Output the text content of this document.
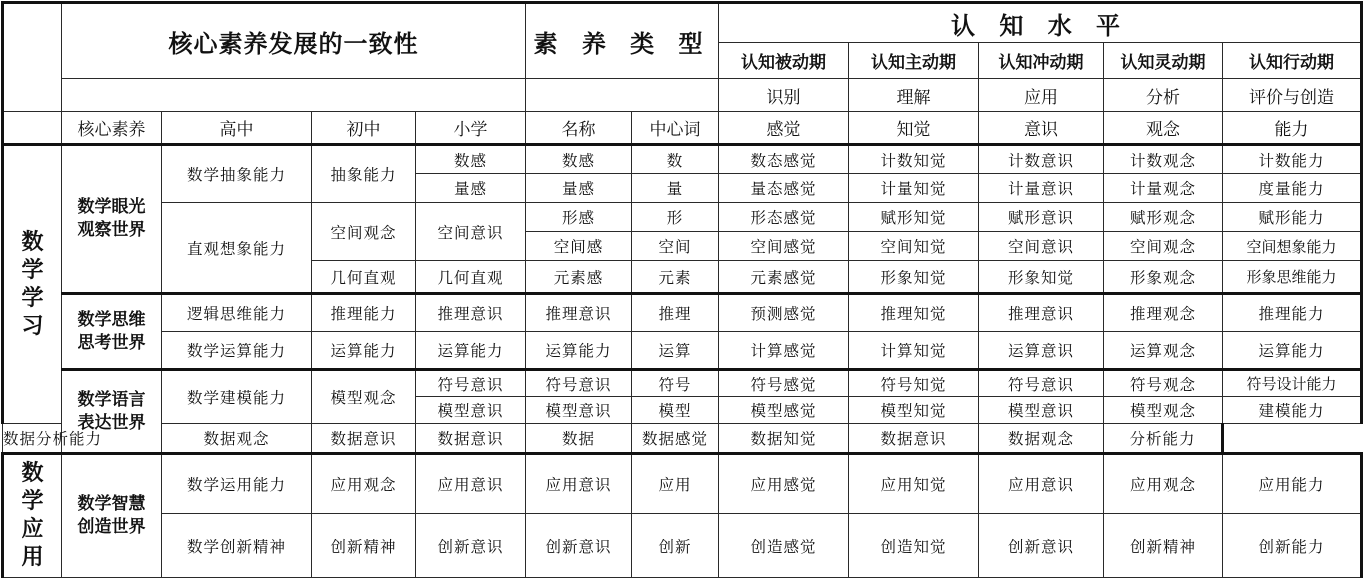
	核心素养发展的一致性				素 养 类 型		认 知 水 平				
							认知被动期	认知主动期	认知冲动期	认知灵动期	认知行动期
							识别	理解	应用	分析	评价与创造
	核心素养	高中	初中	小学	名称	中心词	感觉	知觉	意识	观念	能力

数
学
学
习	数学眼光
观察世界	数学抽象能力	抽象能力	数感	数感	数	数态感觉	计数知觉	计数意识	计数观念	计数能力
				量感	量感	量	量态感觉	计量知觉	计量意识	计量观念	度量能力
		直观想象能力	空间观念	空间意识	形感	形	形态感觉	赋形知觉	赋形意识	赋形观念	赋形能力
					空间感	空间	空间感觉	空间知觉	空间意识	空间观念	空间想象能力
			几何直观	几何直观	元素感	元素	元素感觉	形象知觉	形象知觉	形象观念	形象思维能力

	数学思维
思考世界	逻辑思维能力	推理能力	推理意识	推理意识	推理	预测感觉	推理知觉	推理意识	推理观念	推理能力
		数学运算能力	运算能力	运算能力	运算能力	运算	计算感觉	计算知觉	运算意识	运算观念	运算能力

	数学语言
表达世界	数学建模能力	模型观念	符号意识	符号意识	符号	符号感觉	符号知觉	符号意识	符号观念	符号设计能力
				模型意识	模型意识	模型	模型感觉	模型知觉	模型意识	模型观念	建模能力
数据分析能力		数据观念	数据意识	数据意识	数据	数据感觉	数据知觉	数据意识	数据观念	分析能力	

数
学
应
用	数学智慧
创造世界	数学运用能力	应用观念	应用意识	应用意识	应用	应用感觉	应用知觉	应用意识	应用观念	应用能力
		数学创新精神	创新精神	创新意识	创新意识	创新	创造感觉	创造知觉	创新意识	创新精神	创新能力
